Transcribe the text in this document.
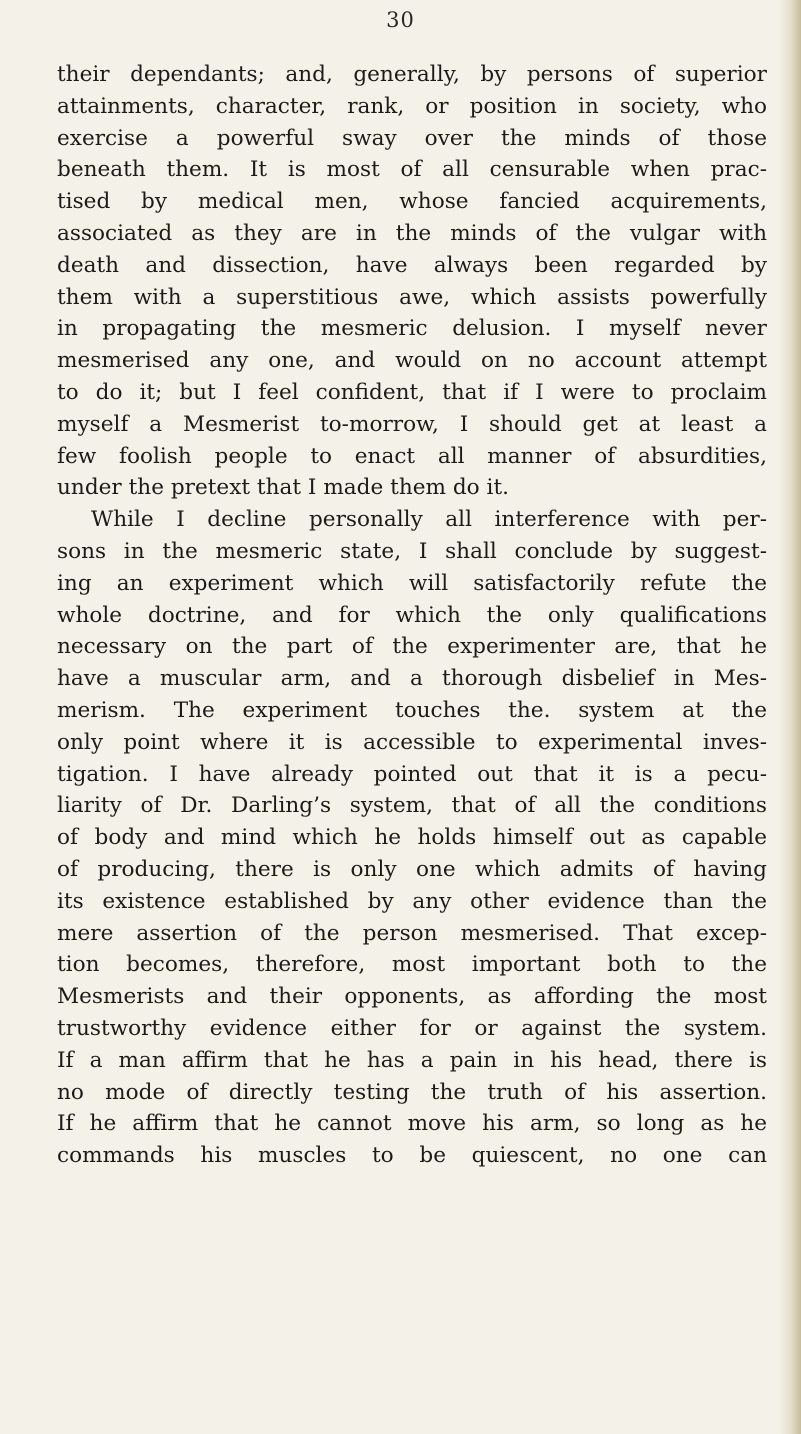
30
their dependants; and, generally, by persons of superior
attainments, character, rank, or position in society, who
exercise a powerful sway over the minds of those
beneath them. It is most of all censurable when prac-
tised by medical men, whose fancied acquirements,
associated as they are in the minds of the vulgar with
death and dissection, have always been regarded by
them with a superstitious awe, which assists powerfully
in propagating the mesmeric delusion. I myself never
mesmerised any one, and would on no account attempt
to do it; but I feel confident, that if I were to proclaim
myself a Mesmerist to-morrow, I should get at least a
few foolish people to enact all manner of absurdities,
under the pretext that I made them do it.
While I decline personally all interference with per-
sons in the mesmeric state, I shall conclude by suggest-
ing an experiment which will satisfactorily refute the
whole doctrine, and for which the only qualifications
necessary on the part of the experimenter are, that he
have a muscular arm, and a thorough disbelief in Mes-
merism. The experiment touches the. system at the
only point where it is accessible to experimental inves-
tigation. I have already pointed out that it is a pecu-
liarity of Dr. Darling’s system, that of all the conditions
of body and mind which he holds himself out as capable
of producing, there is only one which admits of having
its existence established by any other evidence than the
mere assertion of the person mesmerised. That excep-
tion becomes, therefore, most important both to the
Mesmerists and their opponents, as affording the most
trustworthy evidence either for or against the system.
If a man affirm that he has a pain in his head, there is
no mode of directly testing the truth of his assertion.
If he affirm that he cannot move his arm, so long as he
commands his muscles to be quiescent, no one can
